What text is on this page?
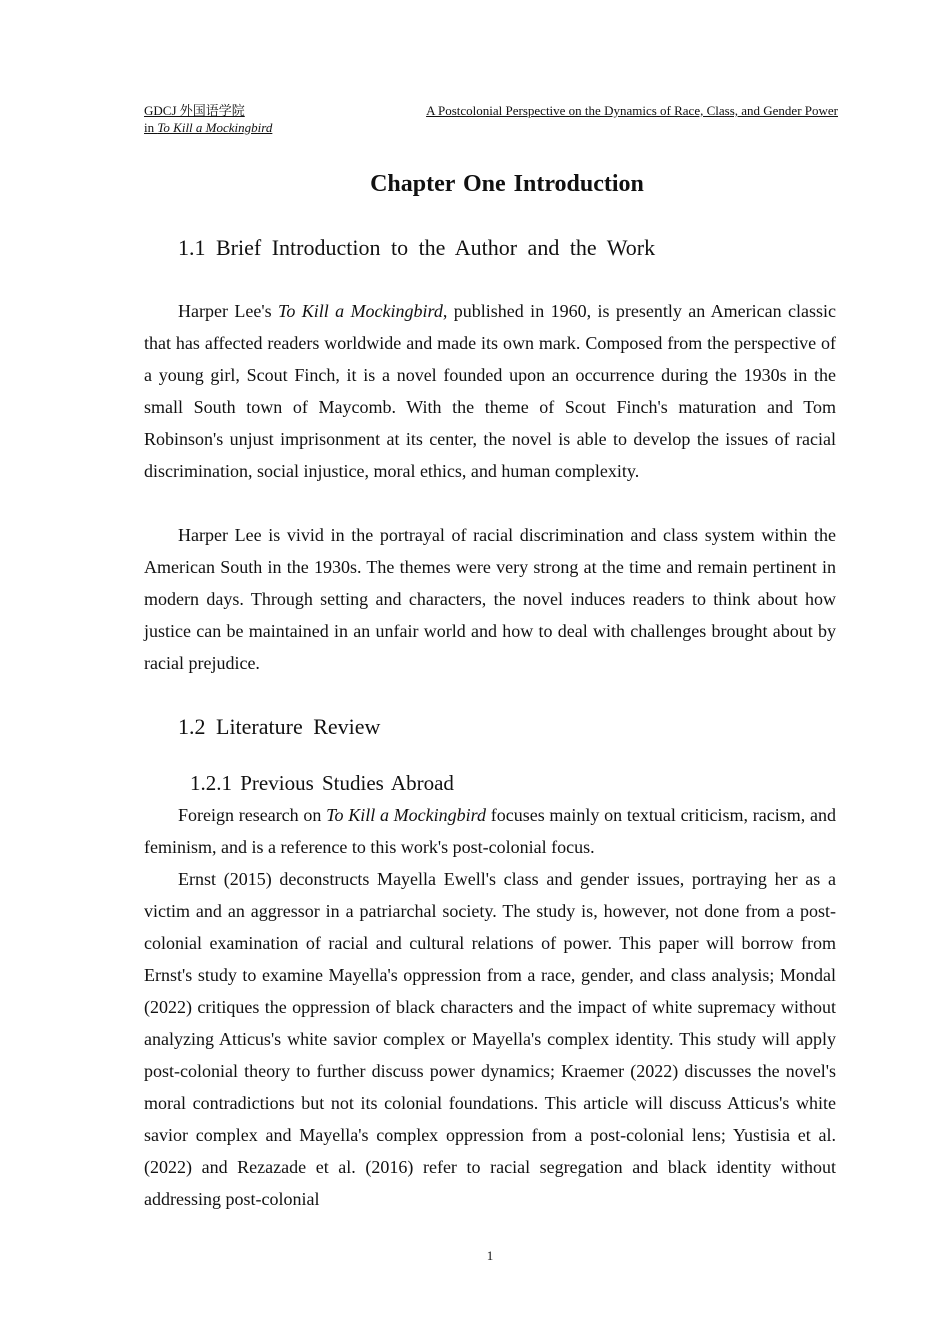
GDCJ 外国语学院	A Postcolonial Perspective on the Dynamics of Race, Class, and Gender Power
in To Kill a Mockingbird
Chapter One Introduction
1.1 Brief Introduction to the Author and the Work

Harper Lee's To Kill a Mockingbird, published in 1960, is presently an American classic that has affected readers worldwide and made its own mark. Composed from the perspective of a young girl, Scout Finch, it is a novel founded upon an occurrence during the 1930s in the small South town of Maycomb. With the theme of Scout Finch's maturation and Tom Robinson's unjust imprisonment at its center, the novel is able to develop the issues of racial discrimination, social injustice, moral ethics, and human complexity.

Harper Lee is vivid in the portrayal of racial discrimination and class system within the American South in the 1930s. The themes were very strong at the time and remain pertinent in modern days. Through setting and characters, the novel induces readers to think about how justice can be maintained in an unfair world and how to deal with challenges brought about by racial prejudice.

1.2 Literature Review
1.2.1 Previous Studies Abroad

Foreign research on To Kill a Mockingbird focuses mainly on textual criticism, racism, and feminism, and is a reference to this work's post-colonial focus.

Ernst (2015) deconstructs Mayella Ewell's class and gender issues, portraying her as a victim and an aggressor in a patriarchal society. The study is, however, not done from a post-colonial examination of racial and cultural relations of power. This paper will borrow from Ernst's study to examine Mayella's oppression from a race, gender, and class analysis; Mondal (2022) critiques the oppression of black characters and the impact of white supremacy without analyzing Atticus's white savior complex or Mayella's complex identity. This study will apply post-colonial theory to further discuss power dynamics; Kraemer (2022) discusses the novel's moral contradictions but not its colonial foundations. This article will discuss Atticus's white savior complex and Mayella's complex oppression from a post-colonial lens; Yustisia et al. (2022) and Rezazade et al. (2016) refer to racial segregation and black identity without addressing post-colonial

1
